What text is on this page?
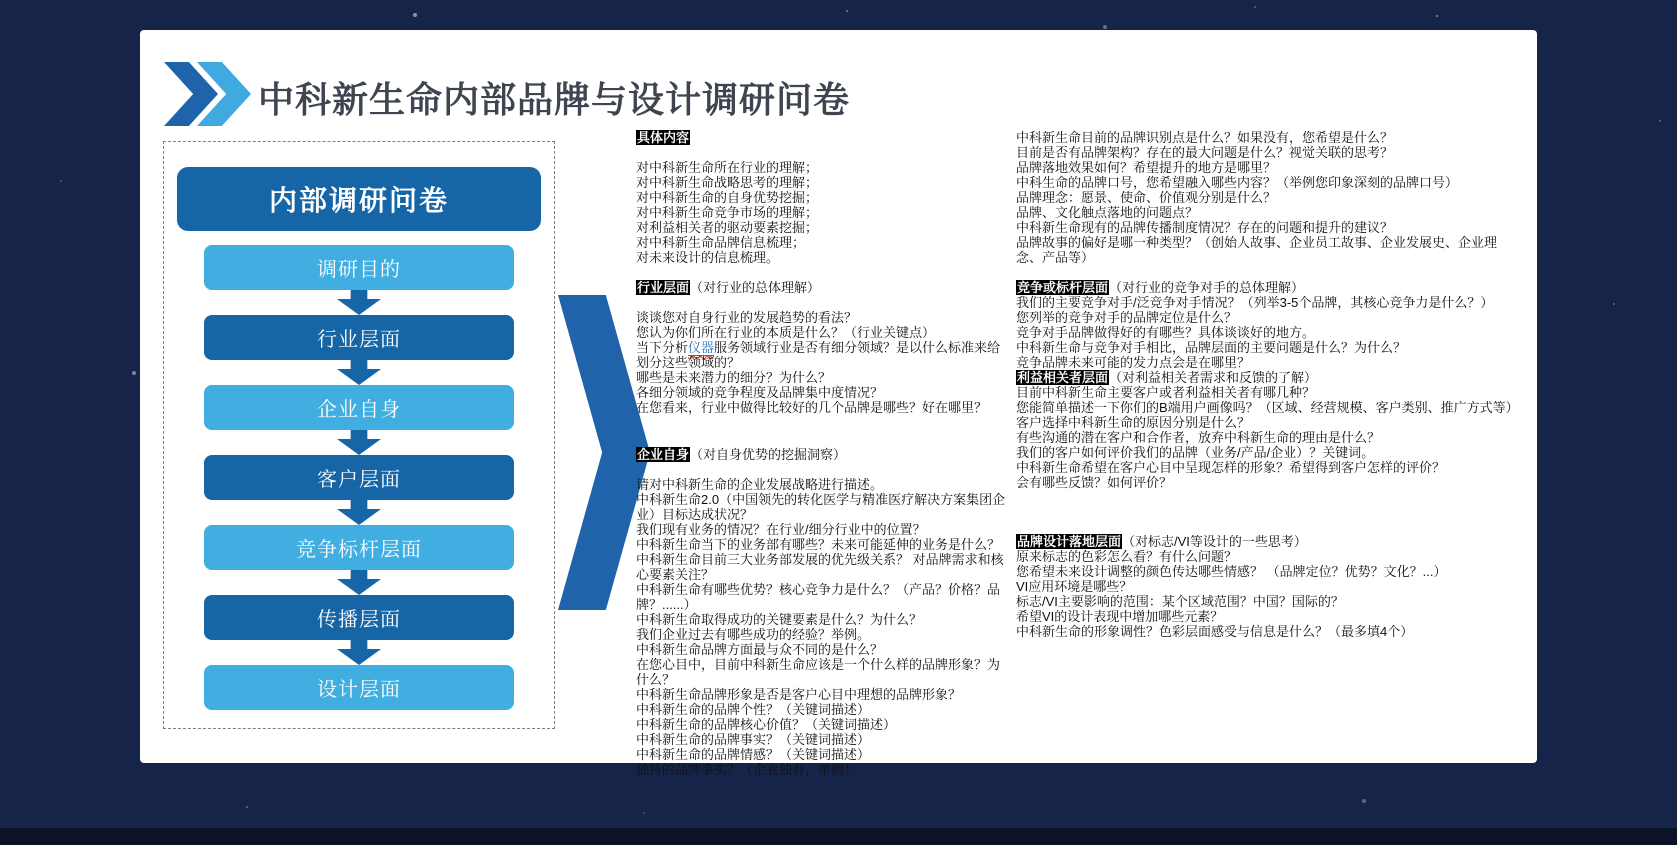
中科新生命内部品牌与设计调研问卷
内部调研问卷
调研目的
行业层面
企业自身
客户层面
竞争标杆层面
传播层面
设计层面
具体内容
对中科新生命所在行业的理解；
对中科新生命战略思考的理解；
对中科新生命的自身优势挖掘；
对中科新生命竞争市场的理解；
对利益相关者的驱动要素挖掘；
对中科新生命品牌信息梳理；
对未来设计的信息梳理。
行业层面（对行业的总体理解）
谈谈您对自身行业的发展趋势的看法？
您认为你们所在行业的本质是什么？（行业关键点）
当下分析仪器服务领域行业是否有细分领域？是以什么标准来给划分这些领域的？
哪些是未来潜力的细分？为什么？
各细分领域的竞争程度及品牌集中度情况？
在您看来，行业中做得比较好的几个品牌是哪些？好在哪里？
企业自身（对自身优势的挖掘洞察）
请对中科新生命的企业发展战略进行描述。
中科新生命2.0（中国领先的转化医学与精准医疗解决方案集团企业）目标达成状况？
我们现有业务的情况？在行业/细分行业中的位置？
中科新生命当下的业务部有哪些？未来可能延伸的业务是什么？
中科新生命目前三大业务部发展的优先级关系？ 对品牌需求和核心要素关注？
中科新生命有哪些优势？核心竞争力是什么？（产品？价格？品牌？......）
中科新生命取得成功的关键要素是什么？为什么？
我们企业过去有哪些成功的经验？举例。
中科新生命品牌方面最与众不同的是什么？
在您心目中，目前中科新生命应该是一个什么样的品牌形象？为什么？
中科新生命品牌形象是否是客户心目中理想的品牌形象？
中科新生命的品牌个性？（关键词描述）
中科新生命的品牌核心价值？（关键词描述）
中科新生命的品牌事实？（关键词描述）
中科新生命的品牌情感？（关键词描述）
独特的品牌事实？（企业独有，举例）
中科新生命目前的品牌识别点是什么？如果没有，您希望是什么？
目前是否有品牌架构？存在的最大问题是什么？视觉关联的思考？
品牌落地效果如何？希望提升的地方是哪里？
中科生命的品牌口号，您希望融入哪些内容？（举例您印象深刻的品牌口号）
品牌理念：愿景、使命、价值观分别是什么？
品牌、文化触点落地的问题点？
中科新生命现有的品牌传播制度情况？存在的问题和提升的建议？
品牌故事的偏好是哪一种类型？（创始人故事、企业员工故事、企业发展史、企业理念、产品等）
竞争或标杆层面（对行业的竞争对手的总体理解）
我们的主要竞争对手/泛竞争对手情况？（列举3-5个品牌，其核心竞争力是什么？）
您列举的竞争对手的品牌定位是什么？
竞争对手品牌做得好的有哪些？具体谈谈好的地方。
中科新生命与竞争对手相比，品牌层面的主要问题是什么？为什么？
竞争品牌未来可能的发力点会是在哪里？
利益相关者层面（对利益相关者需求和反馈的了解）
目前中科新生命主要客户或者利益相关者有哪几种？
您能简单描述一下你们的B端用户画像吗？（区域、经营规模、客户类别、推广方式等）
客户选择中科新生命的原因分别是什么？
有些沟通的潜在客户和合作者，放弃中科新生命的理由是什么？
我们的客户如何评价我们的品牌（业务/产品/企业）？关键词。
中科新生命希望在客户心目中呈现怎样的形象？希望得到客户怎样的评价？
会有哪些反馈？如何评价？
品牌设计落地层面（对标志/VI等设计的一些思考）
原来标志的色彩怎么看？有什么问题？
您希望未来设计调整的颜色传达哪些情感？ （品牌定位？优势？文化？...）
VI应用环境是哪些？
标志/VI主要影响的范围：某个区域范围？中国？国际的？
希望VI的设计表现中增加哪些元素？
中科新生命的形象调性？色彩层面感受与信息是什么？（最多填4个）
